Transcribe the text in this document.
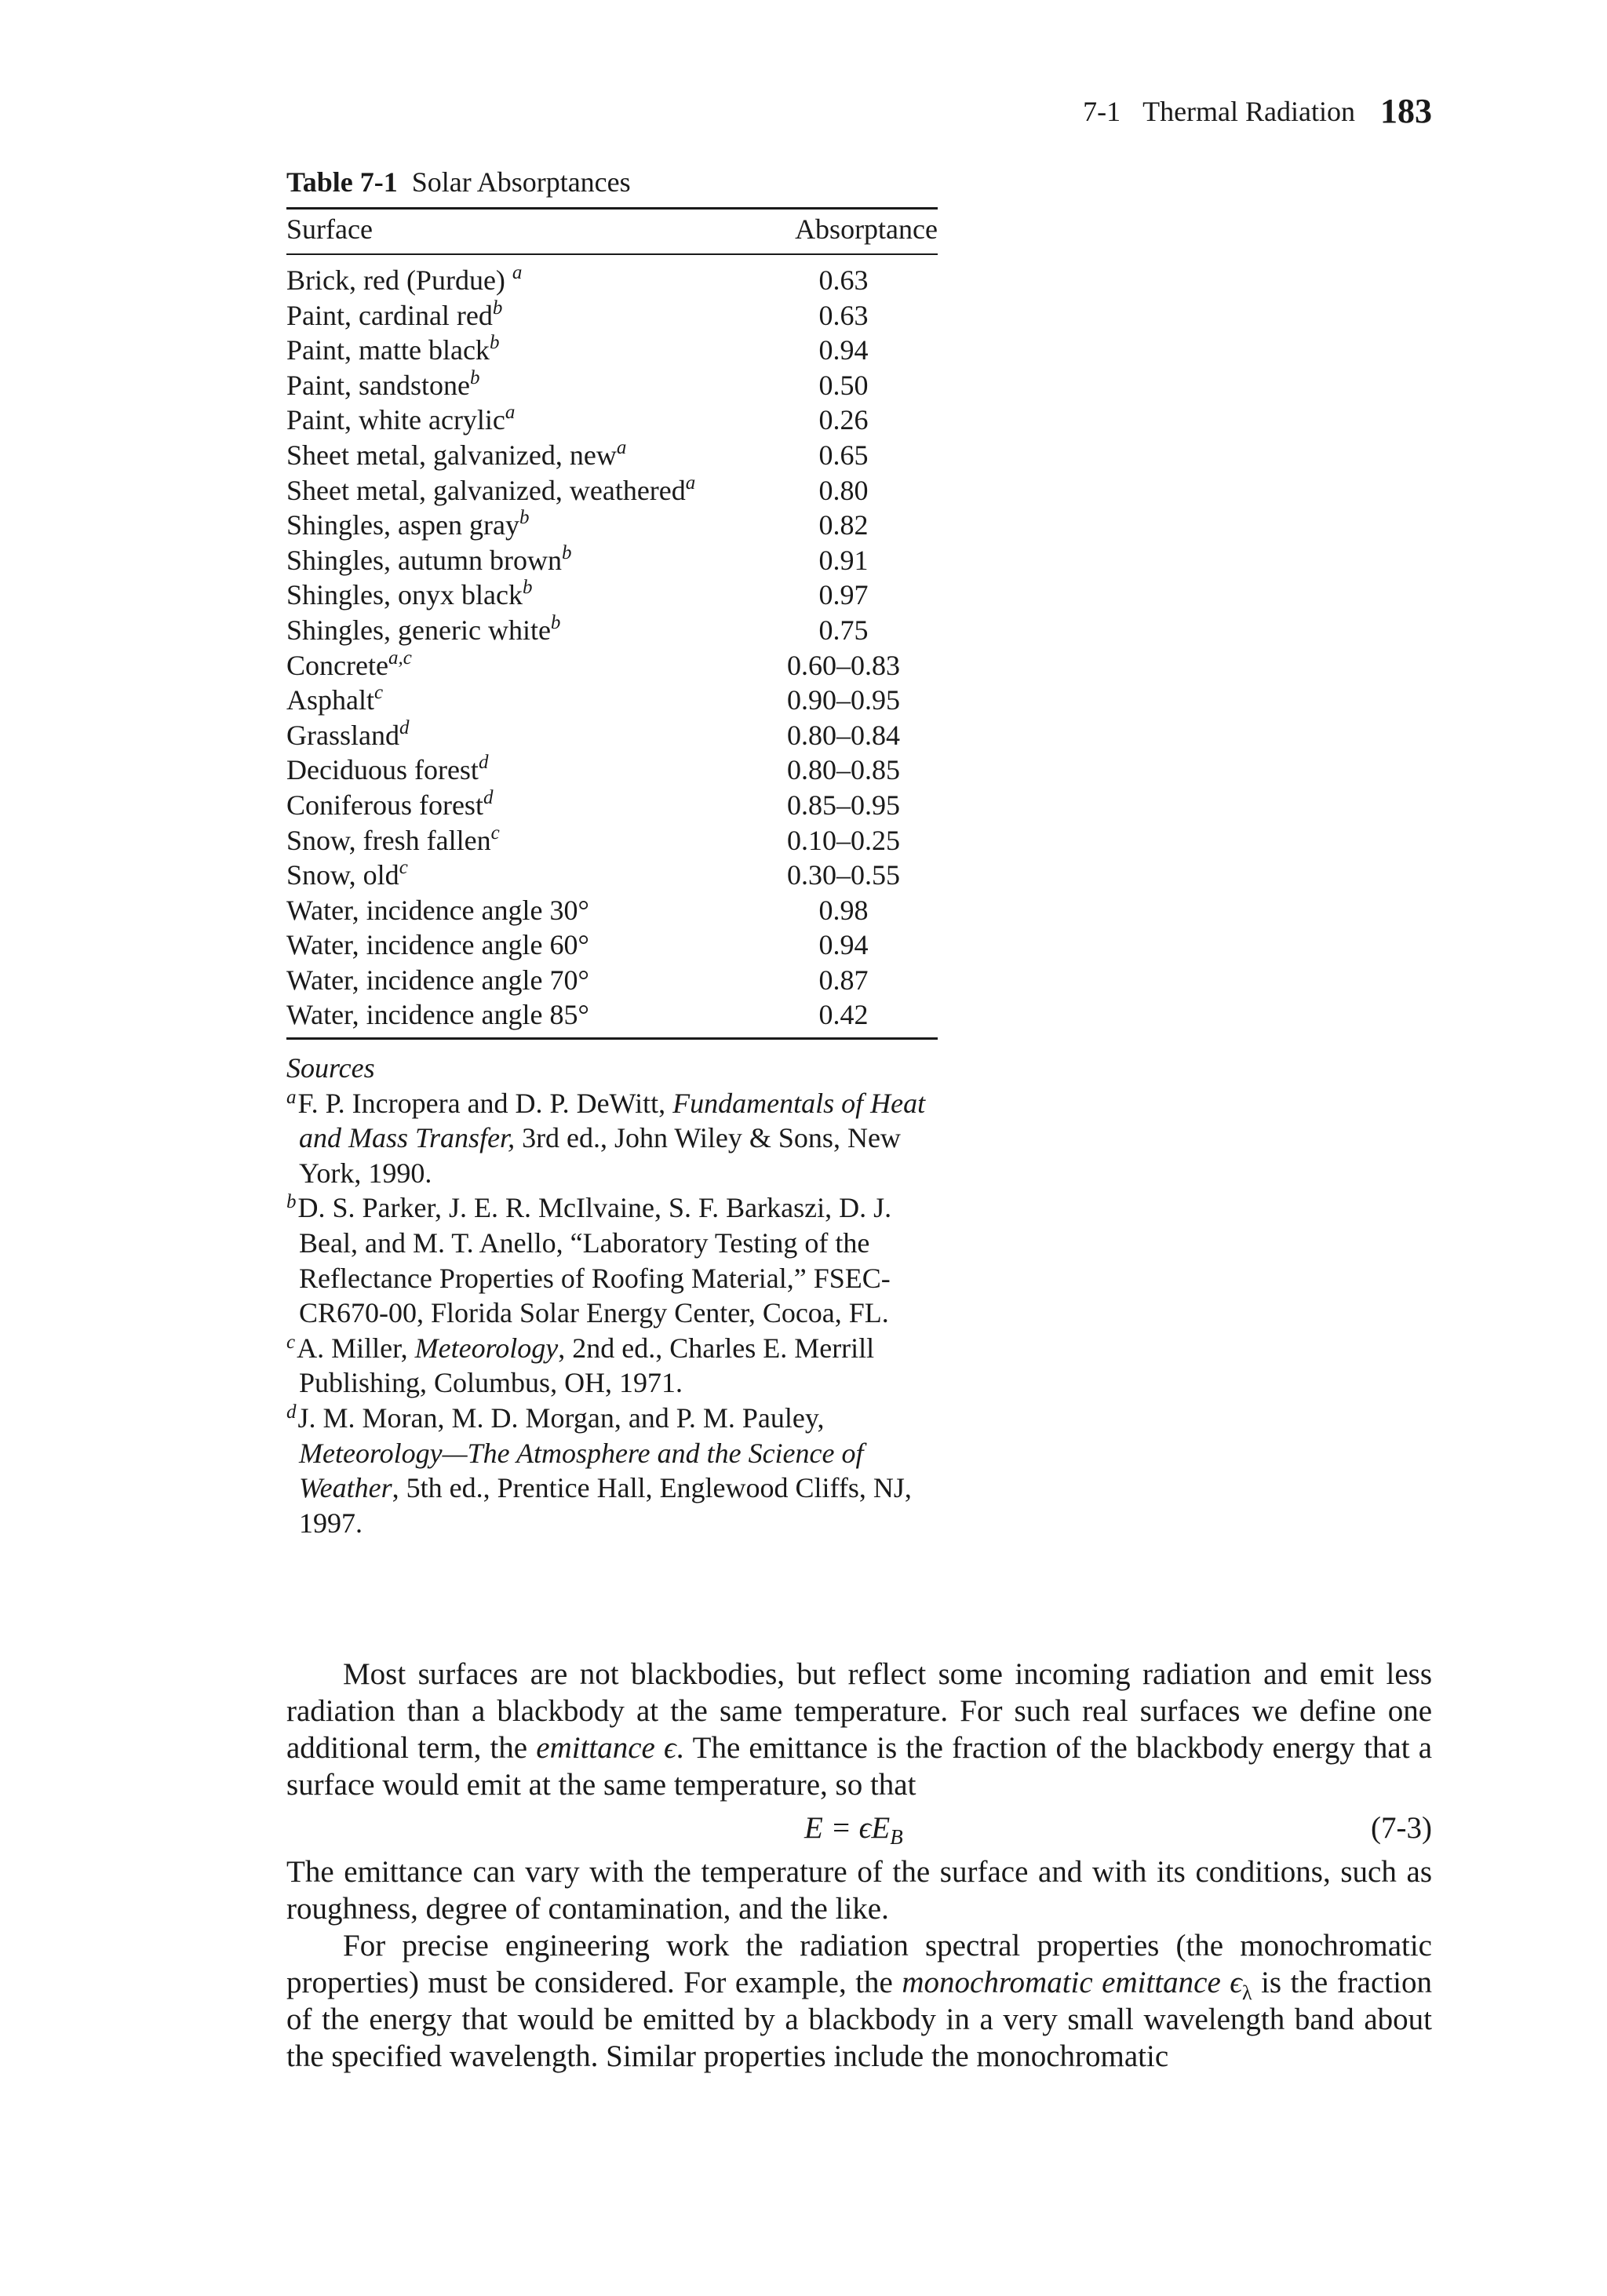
7-1 Thermal Radiation 183
Table 7-1 Solar Absorptances
Surface	Absorptance
Brick, red (Purdue) $^a$	0.63
Paint, cardinal red$^b$	0.63
Paint, matte black$^b$	0.94
Paint, sandstone$^b$	0.50
Paint, white acrylic$^a$	0.26
Sheet metal, galvanized, new$^a$	0.65
Sheet metal, galvanized, weathered$^a$	0.80
Shingles, aspen gray$^b$	0.82
Shingles, autumn brown$^b$	0.91
Shingles, onyx black$^b$	0.97
Shingles, generic white$^b$	0.75
Concrete$^{a,c}$	0.60–0.83
Asphalt$^c$	0.90–0.95
Grassland$^d$	0.80–0.84
Deciduous forest$^d$	0.80–0.85
Coniferous forest$^d$	0.85–0.95
Snow, fresh fallen$^c$	0.10–0.25
Snow, old$^c$	0.30–0.55
Water, incidence angle 30°	0.98
Water, incidence angle 60°	0.94
Water, incidence angle 70°	0.87
Water, incidence angle 85°	0.42
Sources
$^a$F. P. Incropera and D. P. DeWitt, Fundamentals of Heat and Mass Transfer, 3rd ed., John Wiley & Sons, New York, 1990.
$^b$D. S. Parker, J. E. R. McIlvaine, S. F. Barkaszi, D. J. Beal, and M. T. Anello, “Laboratory Testing of the Reflectance Properties of Roofing Material,” FSEC-CR670-00, Florida Solar Energy Center, Cocoa, FL.
$^c$A. Miller, Meteorology, 2nd ed., Charles E. Merrill Publishing, Columbus, OH, 1971.
$^d$J. M. Moran, M. D. Morgan, and P. M. Pauley, Meteorology—The Atmosphere and the Science of Weather, 5th ed., Prentice Hall, Englewood Cliffs, NJ, 1997.

Most surfaces are not blackbodies, but reflect some incoming radiation and emit less radiation than a blackbody at the same temperature. For such real surfaces we define one additional term, the emittance ϵ. The emittance is the fraction of the blackbody energy that a surface would emit at the same temperature, so that

$E = \epsilon E_B$	(7-3)

The emittance can vary with the temperature of the surface and with its conditions, such as roughness, degree of contamination, and the like.

For precise engineering work the radiation spectral properties (the monochromatic properties) must be considered. For example, the monochromatic emittance $\epsilon_\lambda$ is the fraction of the energy that would be emitted by a blackbody in a very small wavelength band about the specified wavelength. Similar properties include the monochromatic
